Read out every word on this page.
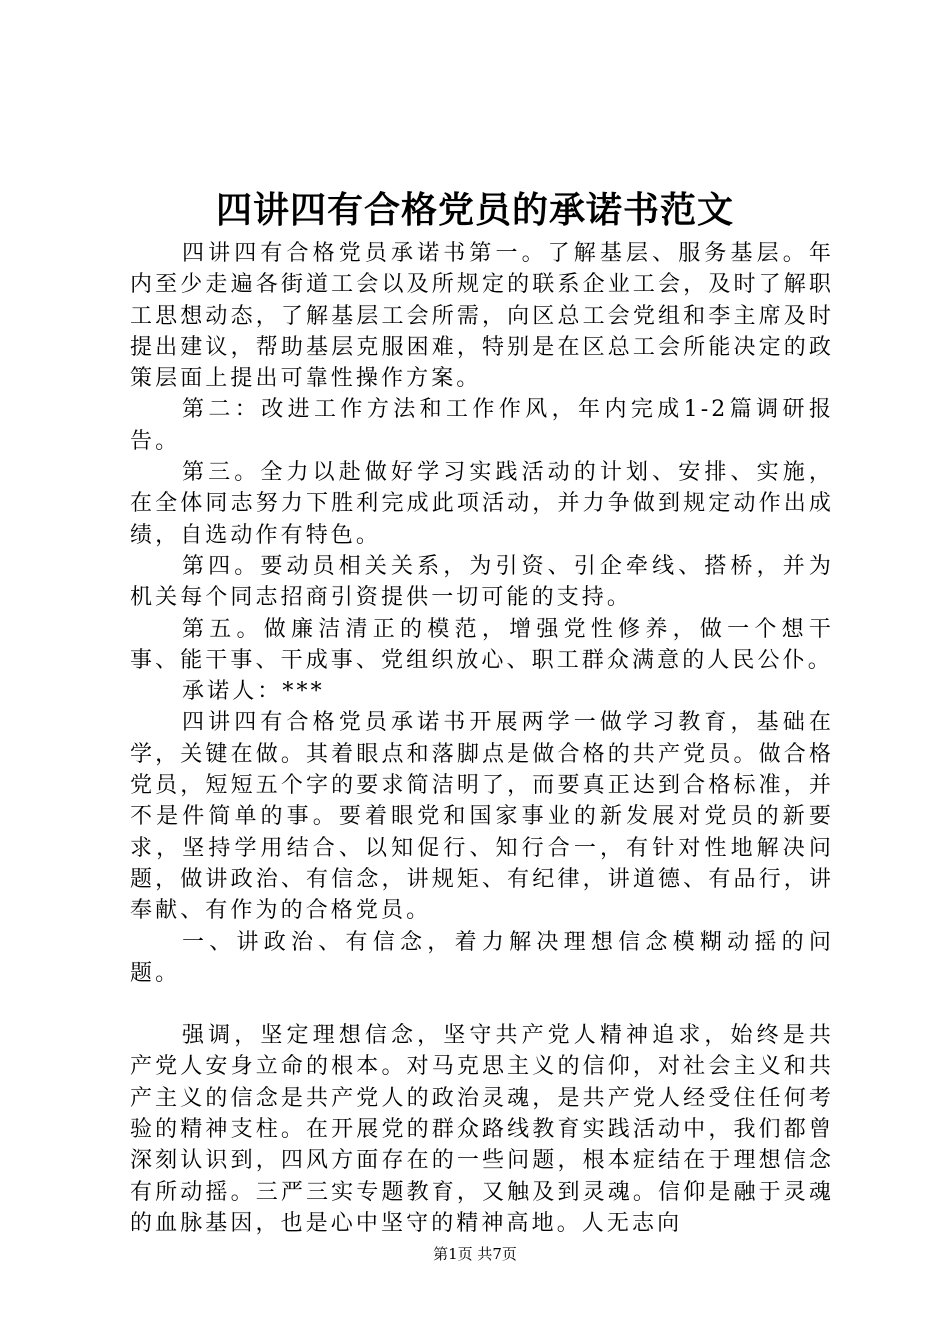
四讲四有合格党员的承诺书范文

四讲四有合格党员承诺书第一。了解基层、服务基层。年内至少走遍各街道工会以及所规定的联系企业工会，及时了解职工思想动态，了解基层工会所需，向区总工会党组和李主席及时提出建议，帮助基层克服困难，特别是在区总工会所能决定的政策层面上提出可靠性操作方案。

第二：改进工作方法和工作作风，年内完成1-2篇调研报告。

第三。全力以赴做好学习实践活动的计划、安排、实施，在全体同志努力下胜利完成此项活动，并力争做到规定动作出成绩，自选动作有特色。

第四。要动员相关关系，为引资、引企牵线、搭桥，并为机关每个同志招商引资提供一切可能的支持。

第五。做廉洁清正的模范，增强党性修养，做一个想干事、能干事、干成事、党组织放心、职工群众满意的人民公仆。

承诺人：***

四讲四有合格党员承诺书开展两学一做学习教育，基础在学，关键在做。其着眼点和落脚点是做合格的共产党员。做合格党员，短短五个字的要求简洁明了，而要真正达到合格标准，并不是件简单的事。要着眼党和国家事业的新发展对党员的新要求，坚持学用结合、以知促行、知行合一，有针对性地解决问题，做讲政治、有信念，讲规矩、有纪律，讲道德、有品行，讲奉献、有作为的合格党员。

一、讲政治、有信念，着力解决理想信念模糊动摇的问题。

强调，坚定理想信念，坚守共产党人精神追求，始终是共产党人安身立命的根本。对马克思主义的信仰，对社会主义和共产主义的信念是共产党人的政治灵魂，是共产党人经受住任何考验的精神支柱。在开展党的群众路线教育实践活动中，我们都曾深刻认识到，四风方面存在的一些问题，根本症结在于理想信念有所动摇。三严三实专题教育，又触及到灵魂。信仰是融于灵魂的血脉基因，也是心中坚守的精神高地。人无志向

第1页 共7页
